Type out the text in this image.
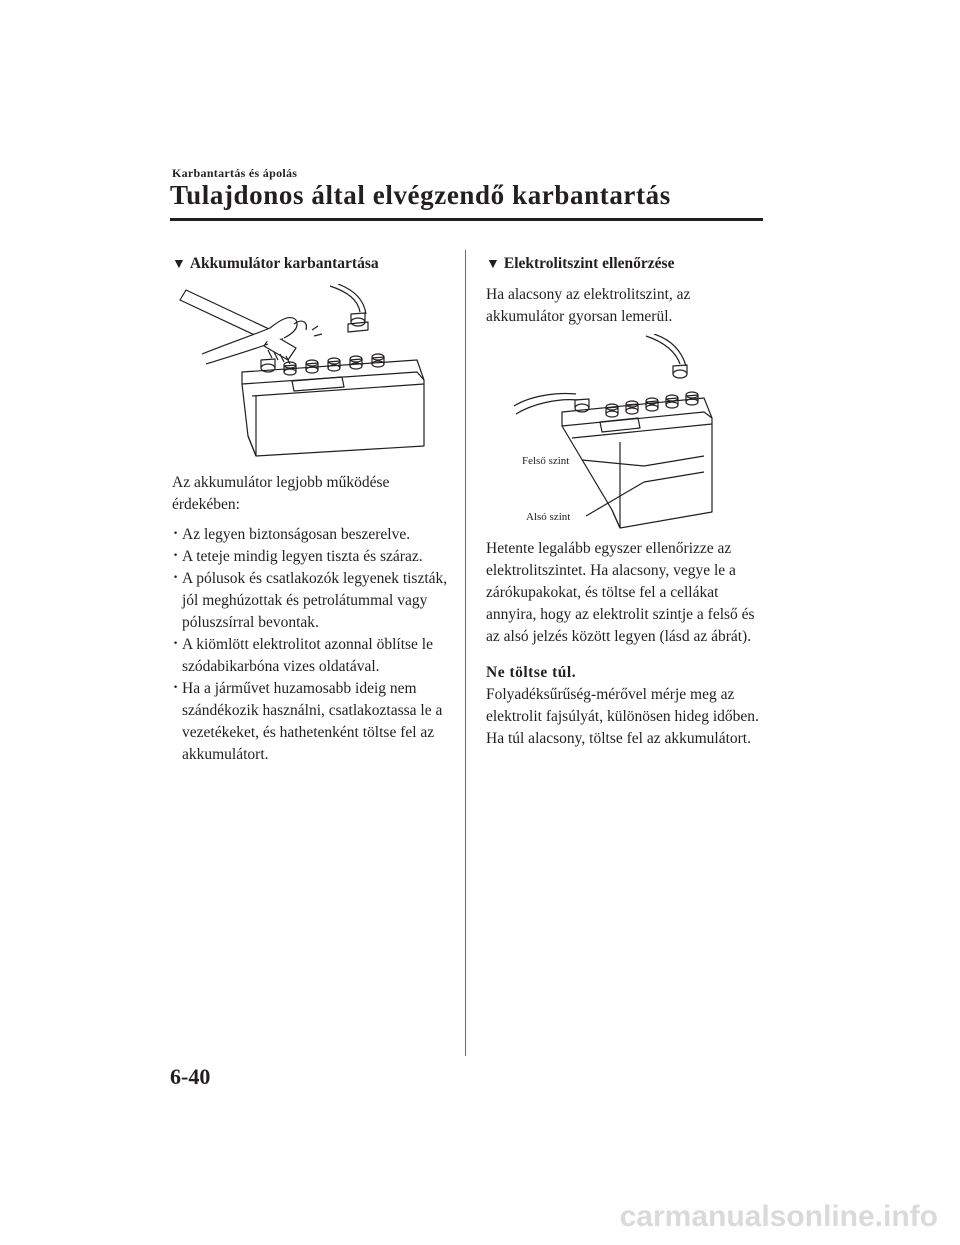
Karbantartás és ápolás
Tulajdonos által elvégzendő karbantartás

▼ Akkumulátor karbantartása

Az akkumulátor legjobb működése érdekében:

· Az legyen biztonságosan beszerelve.
· A teteje mindig legyen tiszta és száraz.
· A pólusok és csatlakozók legyenek tiszták, jól meghúzottak és petrolátummal vagy póluszsírral bevontak.
· A kiömlött elektrolitot azonnal öblítse le szódabikarbóna vizes oldatával.
· Ha a járművet huzamosabb ideig nem szándékozik használni, csatlakoztassa le a vezetékeket, és hathetenként töltse fel az akkumulátort.

▼ Elektrolitszint ellenőrzése

Ha alacsony az elektrolitszint, az akkumulátor gyorsan lemerül.

Felső szint
Alsó szint

Hetente legalább egyszer ellenőrizze az elektrolitszintet. Ha alacsony, vegye le a zárókupakokat, és töltse fel a cellákat annyira, hogy az elektrolit szintje a felső és az alsó jelzés között legyen (lásd az ábrát).

Ne töltse túl.

Folyadéksűrűség-mérővel mérje meg az elektrolit fajsúlyát, különösen hideg időben. Ha túl alacsony, töltse fel az akkumulátort.

6-40
carmanualsonline.info
